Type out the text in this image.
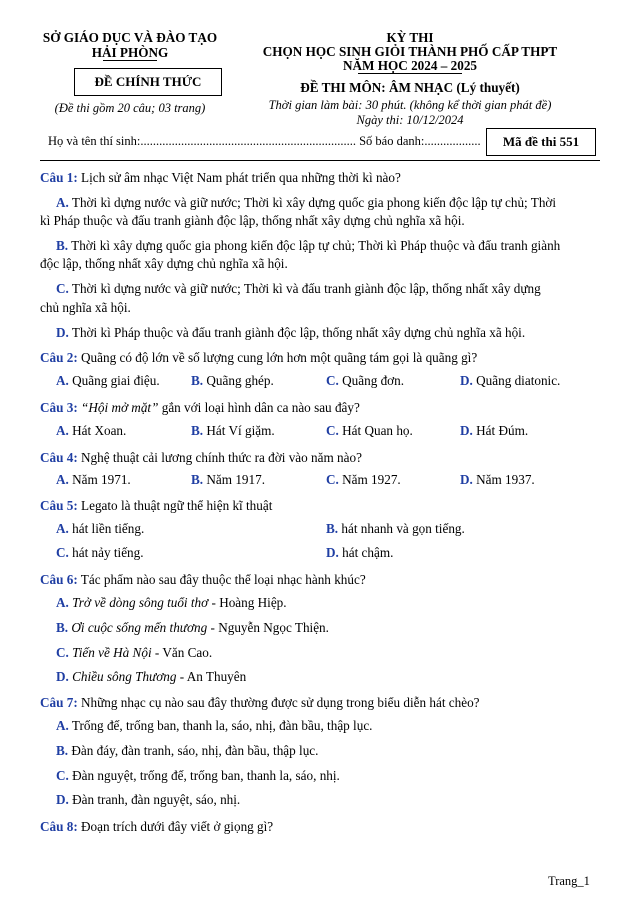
SỞ GIÁO DỤC VÀ ĐÀO TẠO
HẢI PHÒNG
ĐỀ CHÍNH THỨC
(Đề thi gồm 20 câu; 03 trang)
KỲ THI
CHỌN HỌC SINH GIỎI THÀNH PHỐ CẤP THPT
NĂM HỌC 2024 – 2025
ĐỀ THI MÔN: ÂM NHẠC (Lý thuyết)
Thời gian làm bài: 30 phút. (không kể thời gian phát đề)
Ngày thi: 10/12/2024
Họ và tên thí sinh:..................................................................... Số báo danh:..................	Mã đề thi 551
Câu 1: Lịch sử âm nhạc Việt Nam phát triển qua những thời kì nào?
A. Thời kì dựng nước và giữ nước; Thời kì xây dựng quốc gia phong kiến độc lập tự chủ; Thời
kì Pháp thuộc và đấu tranh giành độc lập, thống nhất xây dựng chủ nghĩa xã hội.
B. Thời kì xây dựng quốc gia phong kiến độc lập tự chủ; Thời kì Pháp thuộc và đấu tranh giành
độc lập, thống nhất xây dựng chủ nghĩa xã hội.
C. Thời kì dựng nước và giữ nước; Thời kì và đấu tranh giành độc lập, thống nhất xây dựng
chủ nghĩa xã hội.
D. Thời kì Pháp thuộc và đấu tranh giành độc lập, thống nhất xây dựng chủ nghĩa xã hội.
Câu 2: Quãng có độ lớn về số lượng cung lớn hơn một quãng tám gọi là quãng gì?
A. Quãng giai điệu. B. Quãng ghép.	C. Quãng đơn.	D. Quãng diatonic.
Câu 3: “Hội mở mặt” gắn với loại hình dân ca nào sau đây?
A. Hát Xoan.	B. Hát Ví giặm.	C. Hát Quan họ.	D. Hát Đúm.
Câu 4: Nghệ thuật cải lương chính thức ra đời vào năm nào?
A. Năm 1971.	B. Năm 1917.	C. Năm 1927.	D. Năm 1937.
Câu 5: Legato là thuật ngữ thể hiện kĩ thuật
A. hát liền tiếng.	B. hát nhanh và gọn tiếng.
C. hát nảy tiếng.	D. hát chậm.
Câu 6: Tác phẩm nào sau đây thuộc thể loại nhạc hành khúc?
A. Trở về dòng sông tuổi thơ - Hoàng Hiệp.
B. Ơi cuộc sống mến thương - Nguyễn Ngọc Thiện.
C. Tiến về Hà Nội - Văn Cao.
D. Chiều sông Thương - An Thuyên
Câu 7: Những nhạc cụ nào sau đây thường được sử dụng trong biểu diễn hát chèo?
A. Trống đế, trống ban, thanh la, sáo, nhị, đàn bầu, thập lục.
B. Đàn đáy, đàn tranh, sáo, nhị, đàn bầu, thập lục.
C. Đàn nguyệt, trống đế, trống ban, thanh la, sáo, nhị.
D. Đàn tranh, đàn nguyệt, sáo, nhị.
Câu 8: Đoạn trích dưới đây viết ở giọng gì?
Trang_1
